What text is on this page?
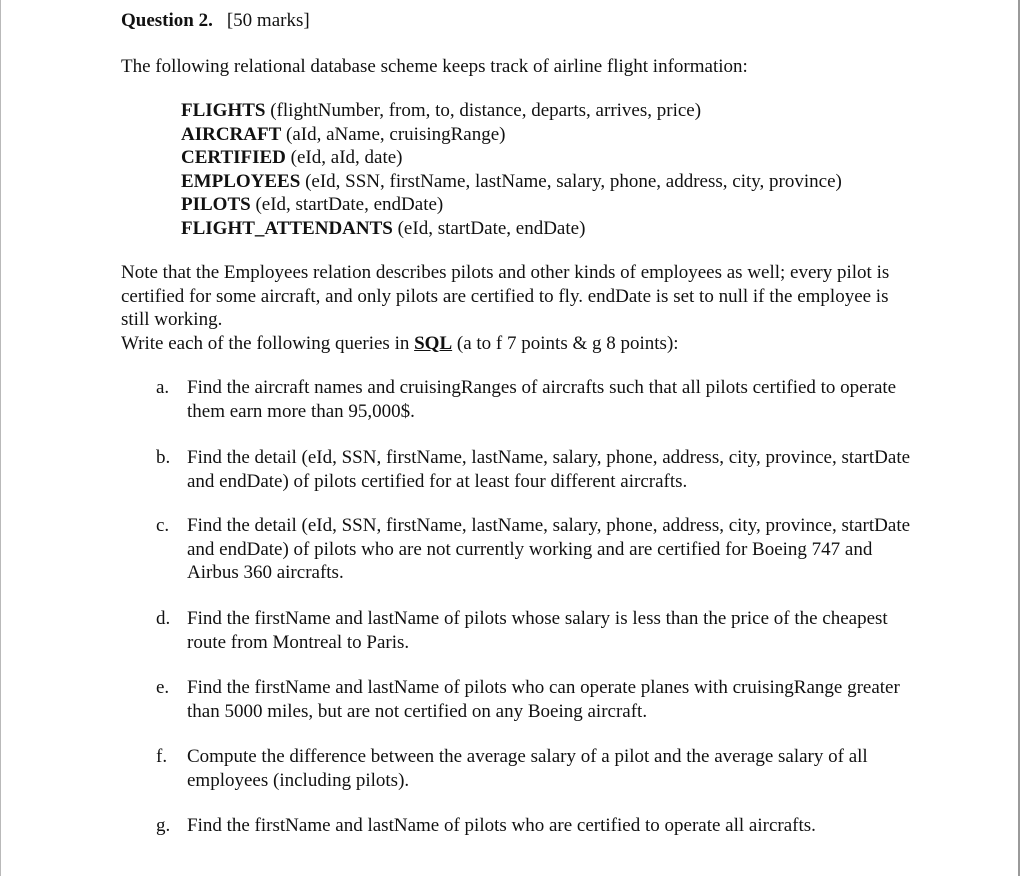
Question 2. [50 marks]
The following relational database scheme keeps track of airline flight information:
FLIGHTS (flightNumber, from, to, distance, departs, arrives, price)
AIRCRAFT (aId, aName, cruisingRange)
CERTIFIED (eId, aId, date)
EMPLOYEES (eId, SSN, firstName, lastName, salary, phone, address, city, province)
PILOTS (eId, startDate, endDate)
FLIGHT_ATTENDANTS (eId, startDate, endDate)

Note that the Employees relation describes pilots and other kinds of employees as well; every pilot is certified for some aircraft, and only pilots are certified to fly. endDate is set to null if the employee is still working.

Write each of the following queries in SQL (a to f 7 points & g 8 points):

a. Find the aircraft names and cruisingRanges of aircrafts such that all pilots certified to operate them earn more than 95,000$.
b. Find the detail (eId, SSN, firstName, lastName, salary, phone, address, city, province, startDate and endDate) of pilots certified for at least four different aircrafts.
c. Find the detail (eId, SSN, firstName, lastName, salary, phone, address, city, province, startDate and endDate) of pilots who are not currently working and are certified for Boeing 747 and Airbus 360 aircrafts.
d. Find the firstName and lastName of pilots whose salary is less than the price of the cheapest route from Montreal to Paris.
e. Find the firstName and lastName of pilots who can operate planes with cruisingRange greater than 5000 miles, but are not certified on any Boeing aircraft.
f. Compute the difference between the average salary of a pilot and the average salary of all employees (including pilots).
g. Find the firstName and lastName of pilots who are certified to operate all aircrafts.
